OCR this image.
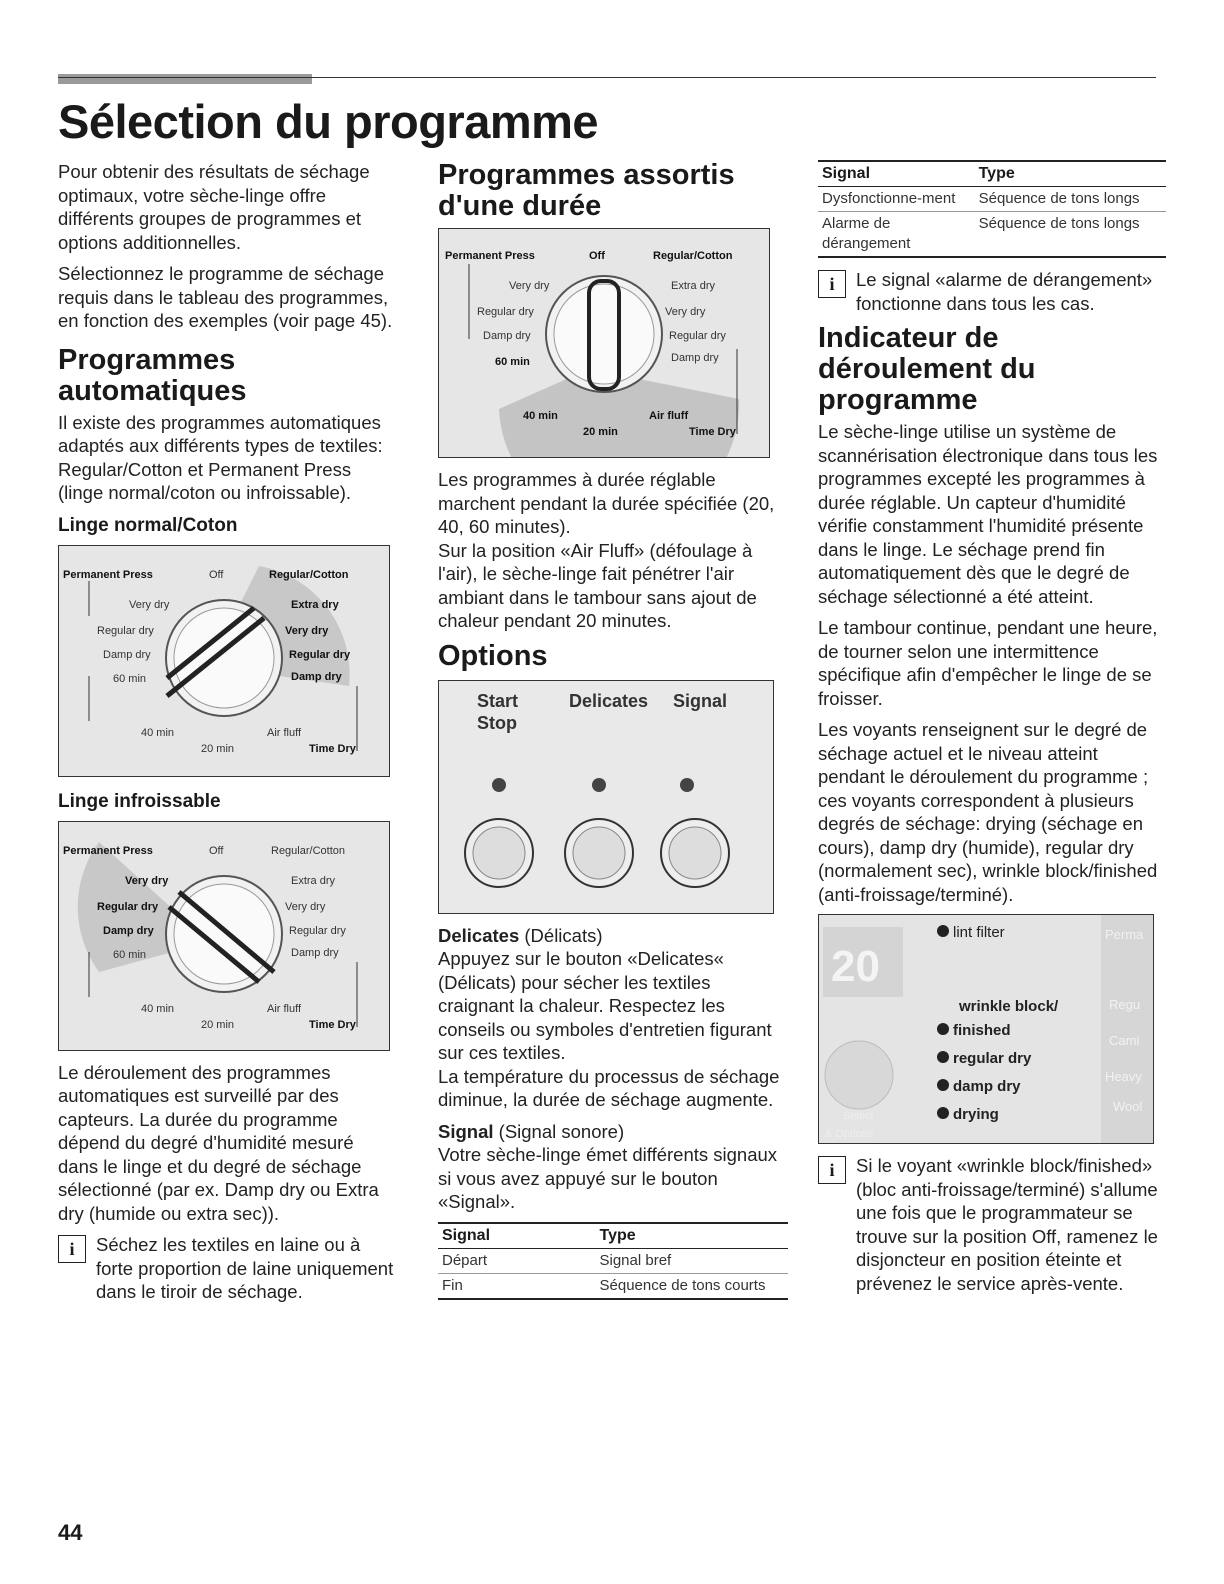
Sélection du programme

Pour obtenir des résultats de séchage optimaux, votre sèche-linge offre différents groupes de programmes et options additionnelles.

Sélectionnez le programme de séchage requis dans le tableau des programmes, en fonction des exemples (voir page 45).

Programmes automatiques

Il existe des programmes automatiques adaptés aux différents types de textiles: Regular/Cotton et Permanent Press (linge normal/coton ou infroissable).

Linge normal/Coton
Permanent Press	Off	Regular/Cotton
Very dry
Regular dry
Damp dry
60 min
40 min
20 min
Extra dry
Very dry
Regular dry
Damp dry
Air fluff
Time Dry
Linge infroissable
Permanent Press	Off	Regular/Cotton
Very dry
Regular dry
Damp dry
60 min
40 min
20 min
Extra dry
Very dry
Regular dry
Damp dry
Air fluff
Time Dry

Le déroulement des programmes automatiques est surveillé par des capteurs. La durée du programme dépend du degré d'humidité mesuré dans le linge et du degré de séchage sélectionné (par ex. Damp dry ou Extra dry (humide ou extra sec)).

i	Séchez les textiles en laine ou à forte proportion de laine uniquement dans le tiroir de séchage.

Programmes assortis d'une durée
Permanent Press	Off	Regular/Cotton
Very dry
Regular dry
Damp dry
60 min
40 min
20 min
Extra dry
Very dry
Regular dry
Damp dry
Air fluff
Time Dry

Les programmes à durée réglable marchent pendant la durée spécifiée (20, 40, 60 minutes).

Sur la position «Air Fluff» (défoulage à l'air), le sèche-linge fait pénétrer l'air ambiant dans le tambour sans ajout de chaleur pendant 20 minutes.

Options
Start
Stop
Delicates Signal

Delicates (Délicats)

Appuyez sur le bouton «Delicates« (Délicats) pour sécher les textiles craignant la chaleur. Respectez les conseils ou symboles d'entretien figurant sur ces textiles.

La température du processus de séchage diminue, la durée de séchage augmente.

Signal (Signal sonore)

Votre sèche-linge émet différents signaux si vous avez appuyé sur le bouton «Signal».

Signal	Type
Départ	Signal bref
Fin	Séquence de tons courts
Signal	Type
Dysfonctionne-ment	Séquence de tons longs
Alarme de dérangement	Séquence de tons longs
i	Le signal «alarme de dérangement» fonctionne dans tous les cas.

Indicateur de déroulement du programme

Le sèche-linge utilise un système de scannérisation électronique dans tous les programmes excepté les programmes à durée réglable. Un capteur d'humidité vérifie constamment l'humidité présente dans le linge. Le séchage prend fin automatiquement dès que le degré de séchage sélectionné a été atteint.

Le tambour continue, pendant une heure, de tourner selon une intermittence spécifique afin d'empêcher le linge de se froisser.

Les voyants renseignent sur le degré de séchage actuel et le niveau atteint pendant le déroulement du programme ; ces voyants correspondent à plusieurs degrés de séchage: drying (séchage en cours), damp dry (humide), regular dry (normalement sec), wrinkle block/finished (anti-froissage/terminé).

20
Select
& Options
lint filter
wrinkle block/
finished
regular dry
damp dry
drying
Perma
Regu
Cami
Heavy
Wool
i	Si le voyant «wrinkle block/finished» (bloc anti-froissage/terminé) s'allume une fois que le programmateur se trouve sur la position Off, ramenez le disjoncteur en position éteinte et prévenez le service après-vente.

44
